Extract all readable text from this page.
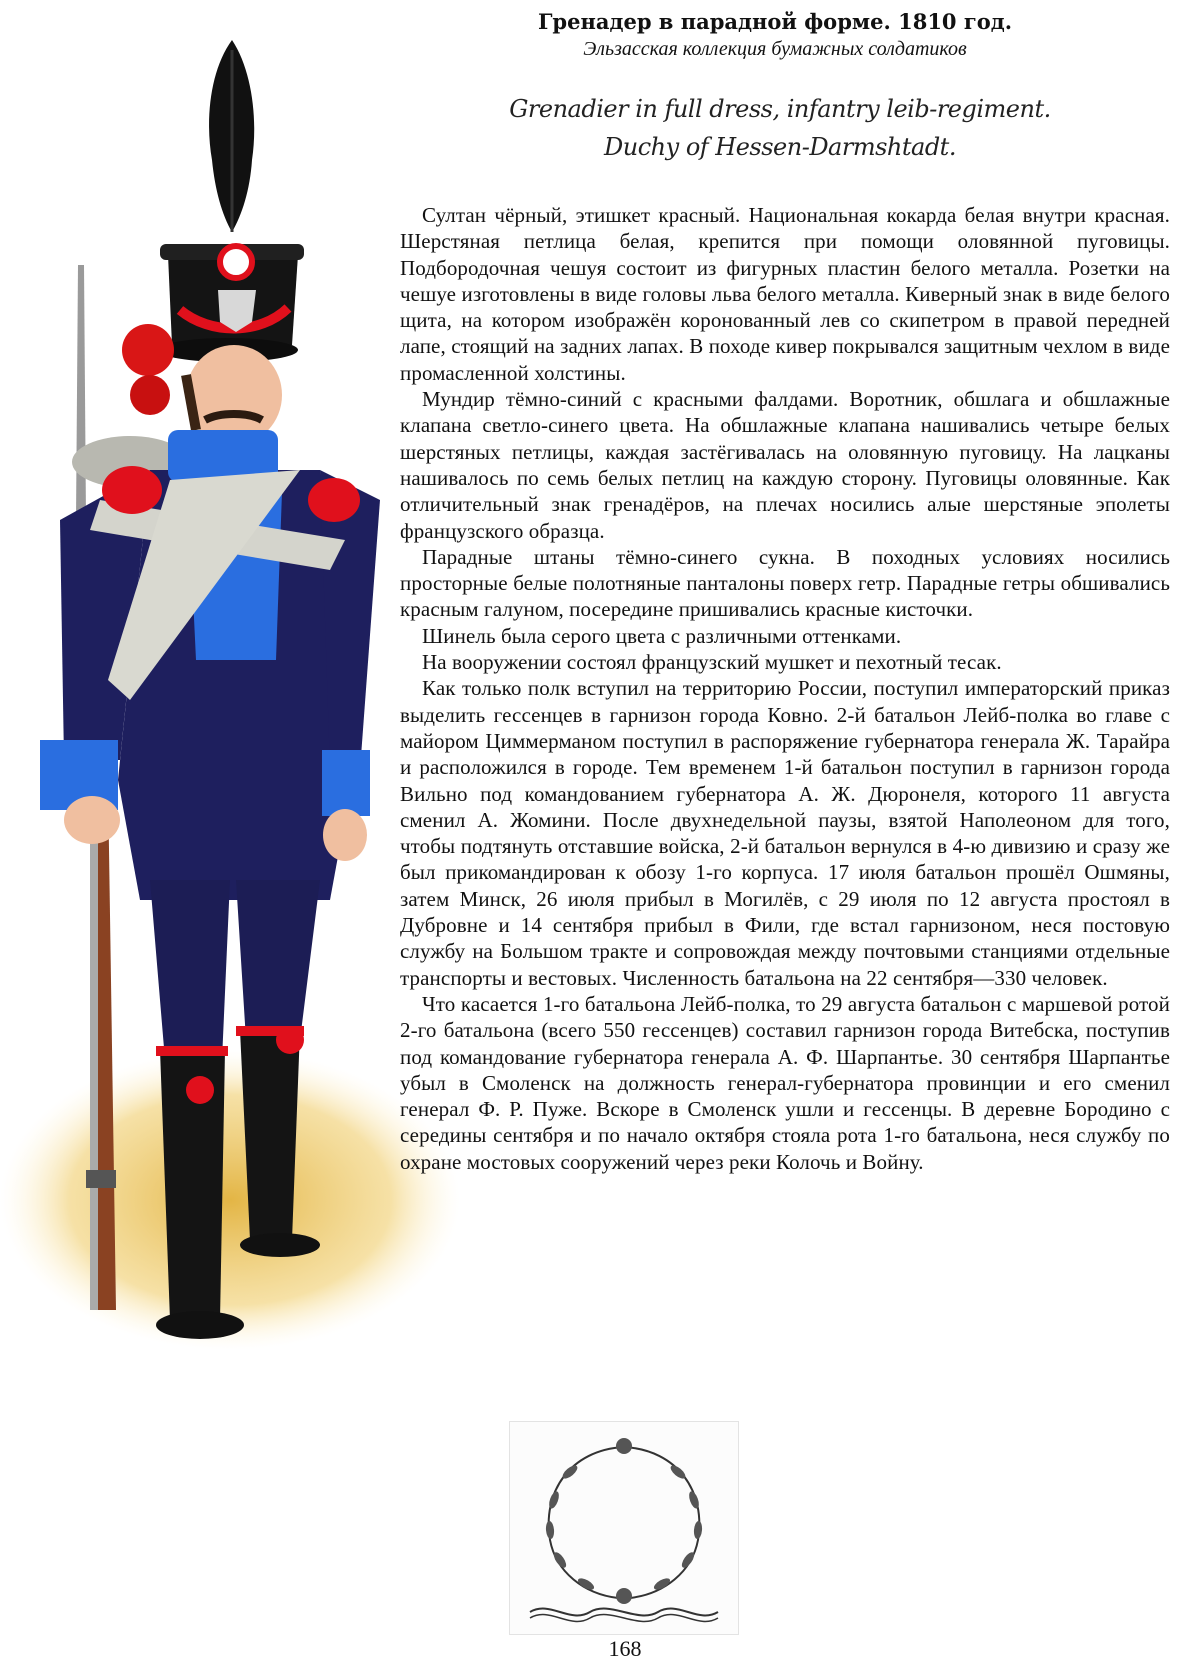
Гренадер в парадной форме. 1810 год.

Эльзасская коллекция бумажных солдатиков

Grenadier in full dress, infantry leib-regiment.

Duchy of Hessen-Darmshtadt.

Султан чёрный, этишкет красный. Национальная кокарда белая внутри красная. Шерстяная петлица белая, крепится при помощи оловянной пуговицы. Подбородочная чешуя состоит из фигурных пластин белого металла. Розетки на чешуе изготовлены в виде головы льва белого металла. Киверный знак в виде белого щита, на котором изображён коронованный лев со скипетром в правой передней лапе, стоящий на задних лапах. В походе кивер покрывался защитным чехлом в виде промасленной холстины.

Мундир тёмно-синий с красными фалдами. Воротник, обшлага и обшлажные клапана светло-синего цвета. На обшлажные клапана нашивались четыре белых шерстяных петлицы, каждая застёгивалась на оловянную пуговицу. На лацканы нашивалось по семь белых петлиц на каждую сторону. Пуговицы оловянные. Как отличительный знак гренадёров, на плечах носились алые шерстяные эполеты французского образца.

Парадные штаны тёмно-синего сукна. В походных условиях носились просторные белые полотняные панталоны поверх гетр. Парадные гетры обшивались красным галуном, посередине пришивались красные кисточки.

Шинель была серого цвета с различными оттенками.

На вооружении состоял французский мушкет и пехотный тесак.

Как только полк вступил на территорию России, поступил императорский приказ выделить гессенцев в гарнизон города Ковно. 2-й батальон Лейб-полка во главе с майором Циммерманом поступил в распоряжение губернатора генерала Ж. Тарайра и расположился в городе. Тем временем 1-й батальон поступил в гарнизон города Вильно под командованием губернатора А. Ж. Дюронеля, которого 11 августа сменил А. Жомини. После двухнедельной паузы, взятой Наполеоном для того, чтобы подтянуть отставшие войска, 2-й батальон вернулся в 4-ю дивизию и сразу же был прикомандирован к обозу 1-го корпуса. 17 июля батальон прошёл Ошмяны, затем Минск, 26 июля прибыл в Могилёв, с 29 июля по 12 августа простоял в Дубровне и 14 сентября прибыл в Фили, где встал гарнизоном, неся постовую службу на Большом тракте и сопровождая между почтовыми станциями отдельные транспорты и вестовых. Численность батальона на 22 сентября—330 человек.

Что касается 1-го батальона Лейб-полка, то 29 августа батальон с маршевой ротой 2-го батальона (всего 550 гессенцев) составил гарнизон города Витебска, поступив под командование губернатора генерала А. Ф. Шарпантье. 30 сентября Шарпантье убыл в Смоленск на должность генерал-губернатора провинции и его сменил генерал Ф. Р. Пуже. Вскоре в Смоленск ушли и гессенцы. В деревне Бородино с середины сентября и по начало октября стояла рота 1-го батальона, неся службу по охране мостовых сооружений через реки Колочь и Войну.

168
